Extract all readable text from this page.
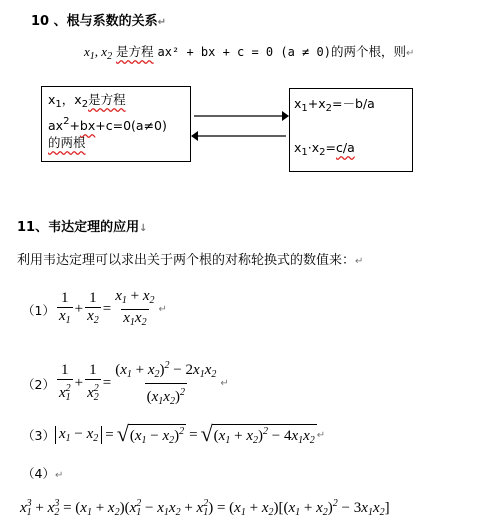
10 、根与系数的关系↵
$x_1$, $x_2$ 是方程 ax² + bx + c = 0 (a ≠ 0)的两个根，则↵
$x_1$，$x_2$是方程
$ax^2+bx+c=0(a\ne 0)$
的两根
$x_1+x_2=-b/a$
$x_1\cdot x_2=c/a$
11、韦达定理的应用↓
利用韦达定理可以求出关于两个根的对称轮换式的数值来：↵
$(1) \frac{1}{x_1} + \frac{1}{x_2} = \frac{x_1 + x_2}{x_1x_2}$ ↵
$(2) \frac{1}{x_1^2} + \frac{1}{x_2^2} = \frac{(x_1 + x_2)^2 - 2x_1x_2}{(x_1x_2)^2}$ ↵
（3） $x_1 - x_2$ = √ $(x_1 - x_2)^2$ = √ $(x_1 + x_2)^2 - 4x_1x_2$ ↵
（4）↵
$x_1^3 + x_2^3 = (x_1 + x_2)(x_1^2 - x_1x_2 + x_1^2) = (x_1 + x_2)[(x_1 + x_2)^2 - 3x_1x_2]$
